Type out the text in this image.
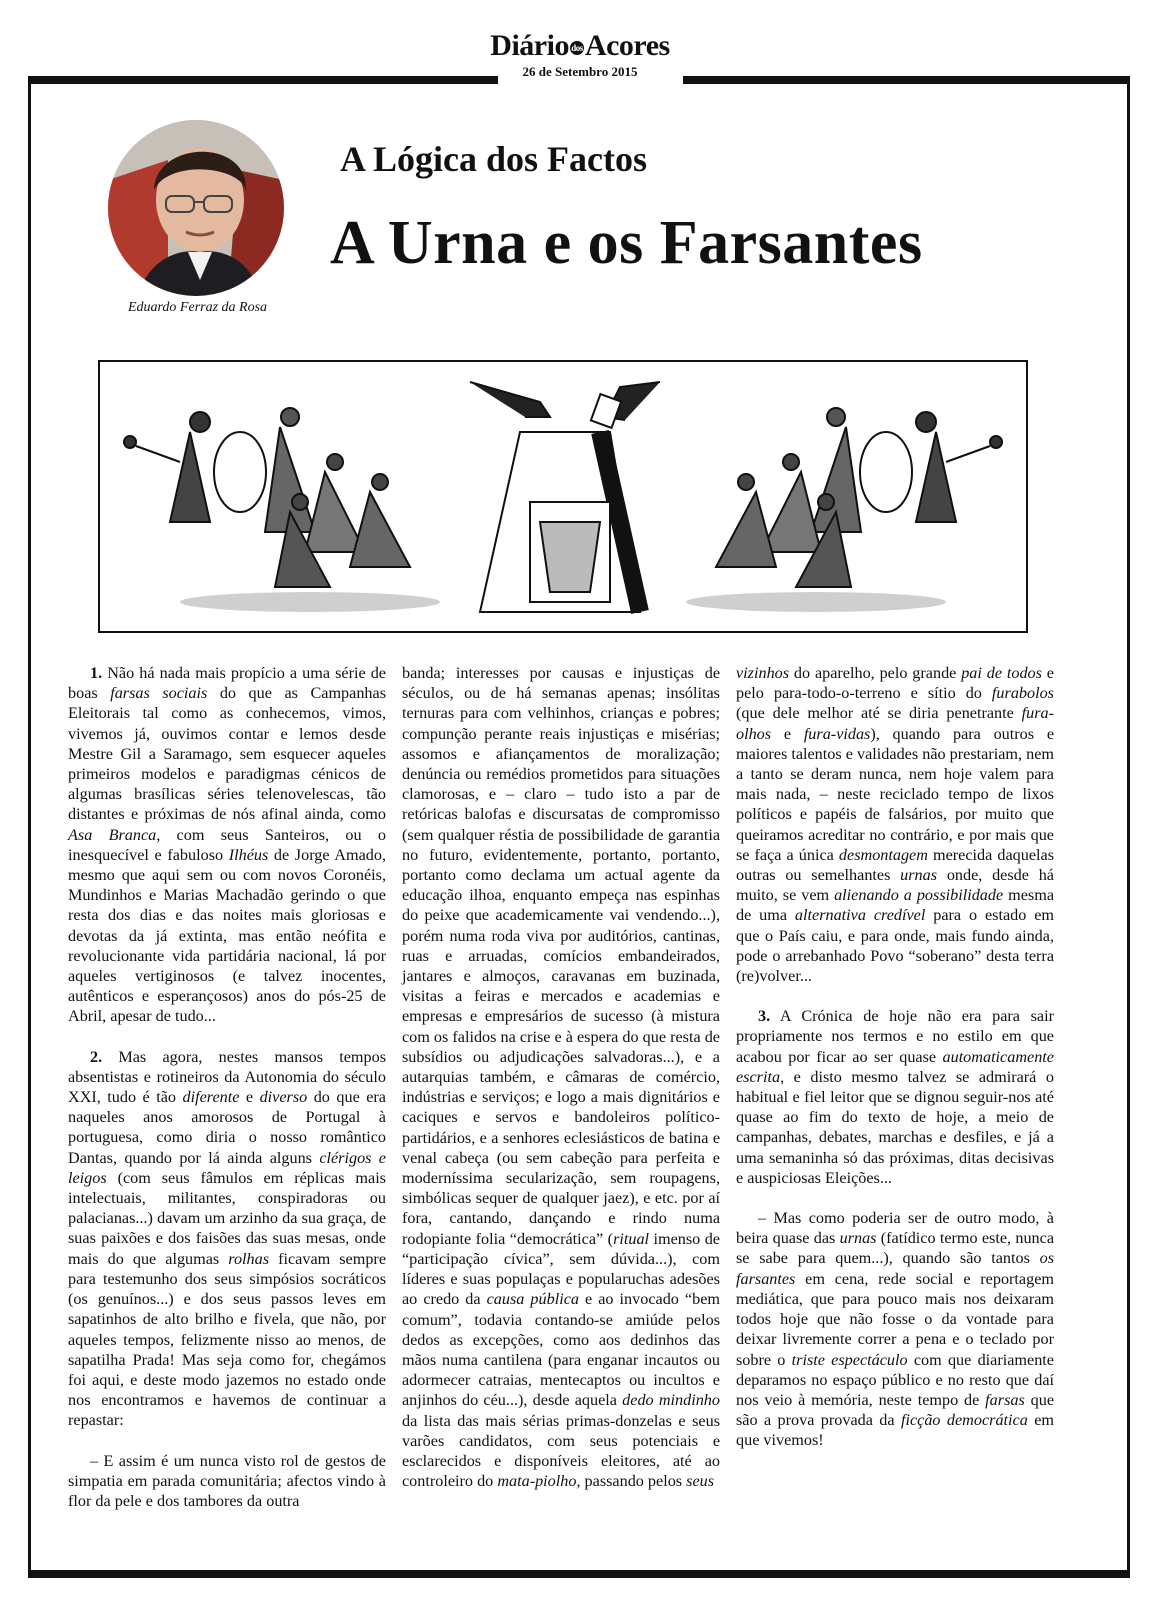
Diário dosAcores
26 de Setembro 2015
Eduardo Ferraz da Rosa
A Lógica dos Factos
A Urna e os Farsantes

1. Não há nada mais propício a uma série de boas farsas sociais do que as Campanhas Eleitorais tal como as conhecemos, vimos, vivemos já, ouvimos contar e lemos desde Mestre Gil a Saramago, sem esquecer aqueles primeiros modelos e paradigmas cénicos de algumas brasílicas séries telenovelescas, tão distantes e próximas de nós afinal ainda, como Asa Branca, com seus Santeiros, ou o inesquecível e fabuloso Ilhéus de Jorge Amado, mesmo que aqui sem ou com novos Coronéis, Mundinhos e Marias Machadão gerindo o que resta dos dias e das noites mais gloriosas e devotas da já extinta, mas então neófita e revolucionante vida partidária nacional, lá por aqueles vertiginosos (e talvez inocentes, autênticos e esperançosos) anos do pós-25 de Abril, apesar de tudo...

2. Mas agora, nestes mansos tempos absentistas e rotineiros da Autonomia do século XXI, tudo é tão diferente e diverso do que era naqueles anos amorosos de Portugal à portuguesa, como diria o nosso romântico Dantas, quando por lá ainda alguns clérigos e leigos (com seus fâmulos em réplicas mais intelectuais, militantes, conspiradoras ou palacianas...) davam um arzinho da sua graça, de suas paixões e dos faisões das suas mesas, onde mais do que algumas rolhas ficavam sempre para testemunho dos seus simpósios socráticos (os genuínos...) e dos seus passos leves em sapatinhos de alto brilho e fivela, que não, por aqueles tempos, felizmente nisso ao menos, de sapatilha Prada! Mas seja como for, chegámos foi aqui, e deste modo jazemos no estado onde nos encontramos e havemos de continuar a repastar:

– E assim é um nunca visto rol de gestos de simpatia em parada comunitária; afectos vindo à flor da pele e dos tambores da outra

banda; interesses por causas e injustiças de séculos, ou de há semanas apenas; insólitas ternuras para com velhinhos, crianças e pobres; compunção perante reais injustiças e misérias; assomos e afiançamentos de moralização; denúncia ou remédios prometidos para situações clamorosas, e – claro – tudo isto a par de retóricas balofas e discursatas de compromisso (sem qualquer réstia de possibilidade de garantia no futuro, evidentemente, portanto, portanto, portanto como declama um actual agente da educação ilhoa, enquanto empeça nas espinhas do peixe que academicamente vai vendendo...), porém numa roda viva por auditórios, cantinas, ruas e arruadas, comícios embandeirados, jantares e almoços, caravanas em buzinada, visitas a feiras e mercados e academias e empresas e empresários de sucesso (à mistura com os falidos na crise e à espera do que resta de subsídios ou adjudicações salvadoras...), e a autarquias também, e câmaras de comércio, indústrias e serviços; e logo a mais dignitários e caciques e servos e bandoleiros político-partidários, e a senhores eclesiásticos de batina e venal cabeça (ou sem cabeção para perfeita e moderníssima secularização, sem roupagens, simbólicas sequer de qualquer jaez), e etc. por aí fora, cantando, dançando e rindo numa rodopiante folia “democrática” (ritual imenso de “participação cívica”, sem dúvida...), com líderes e suas populaças e popularuchas adesões ao credo da causa pública e ao invocado “bem comum”, todavia contando-se amiúde pelos dedos as excepções, como aos dedinhos das mãos numa cantilena (para enganar incautos ou adormecer catraias, mentecaptos ou incultos e anjinhos do céu...), desde aquela dedo mindinho da lista das mais sérias primas-donzelas e seus varões candidatos, com seus potenciais e esclarecidos e disponíveis eleitores, até ao controleiro do mata-piolho, passando pelos seus

vizinhos do aparelho, pelo grande pai de todos e pelo para-todo-o-terreno e sítio do furabolos (que dele melhor até se diria penetrante fura-olhos e fura-vidas), quando para outros e maiores talentos e validades não prestariam, nem a tanto se deram nunca, nem hoje valem para mais nada, – neste reciclado tempo de lixos políticos e papéis de falsários, por muito que queiramos acreditar no contrário, e por mais que se faça a única desmontagem merecida daquelas outras ou semelhantes urnas onde, desde há muito, se vem alienando a possibilidade mesma de uma alternativa credível para o estado em que o País caiu, e para onde, mais fundo ainda, pode o arrebanhado Povo “soberano” desta terra (re)volver...

3. A Crónica de hoje não era para sair propriamente nos termos e no estilo em que acabou por ficar ao ser quase automaticamente escrita, e disto mesmo talvez se admirará o habitual e fiel leitor que se dignou seguir-nos até quase ao fim do texto de hoje, a meio de campanhas, debates, marchas e desfiles, e já a uma semaninha só das próximas, ditas decisivas e auspiciosas Eleições...

– Mas como poderia ser de outro modo, à beira quase das urnas (fatídico termo este, nunca se sabe para quem...), quando são tantos os farsantes em cena, rede social e reportagem mediática, que para pouco mais nos deixaram todos hoje que não fosse o da vontade para deixar livremente correr a pena e o teclado por sobre o triste espectáculo com que diariamente deparamos no espaço público e no resto que daí nos veio à memória, neste tempo de farsas que são a prova provada da ficção democrática em que vivemos!
